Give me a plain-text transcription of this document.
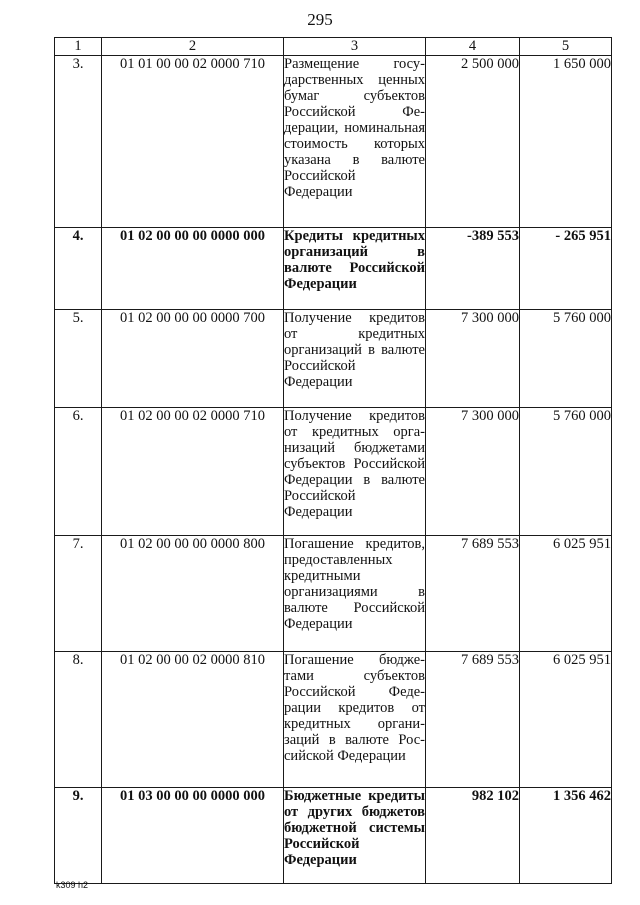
295
1	2	3	4	5
3.	01 01 00 00 02 0000 710	Размещение государственных ценных бумаг субъектов Российской Федерации, номинальная стоимость которых указана в валюте Российской Федерации	2 500 000	1 650 000
4.	01 02 00 00 00 0000 000	Кредиты кредитных организаций в валюте Российской Федерации	-389 553	- 265 951
5.	01 02 00 00 00 0000 700	Получение кредитов от кредитных организаций в валюте Российской Федерации	7 300 000	5 760 000
6.	01 02 00 00 02 0000 710	Получение кредитов от кредитных организаций бюджетами субъектов Российской Федерации в валюте Российской Федерации	7 300 000	5 760 000
7.	01 02 00 00 00 0000 800	Погашение кредитов, предоставленных кредитными организациями в валюте Российской Федерации	7 689 553	6 025 951
8.	01 02 00 00 02 0000 810	Погашение бюджетами субъектов Российской Федерации кредитов от кредитных организаций в валюте Российской Федерации	7 689 553	6 025 951
9.	01 03 00 00 00 0000 000	Бюджетные кредиты от других бюджетов бюджетной системы Российской Федерации	982 102	1 356 462
k309 h2
